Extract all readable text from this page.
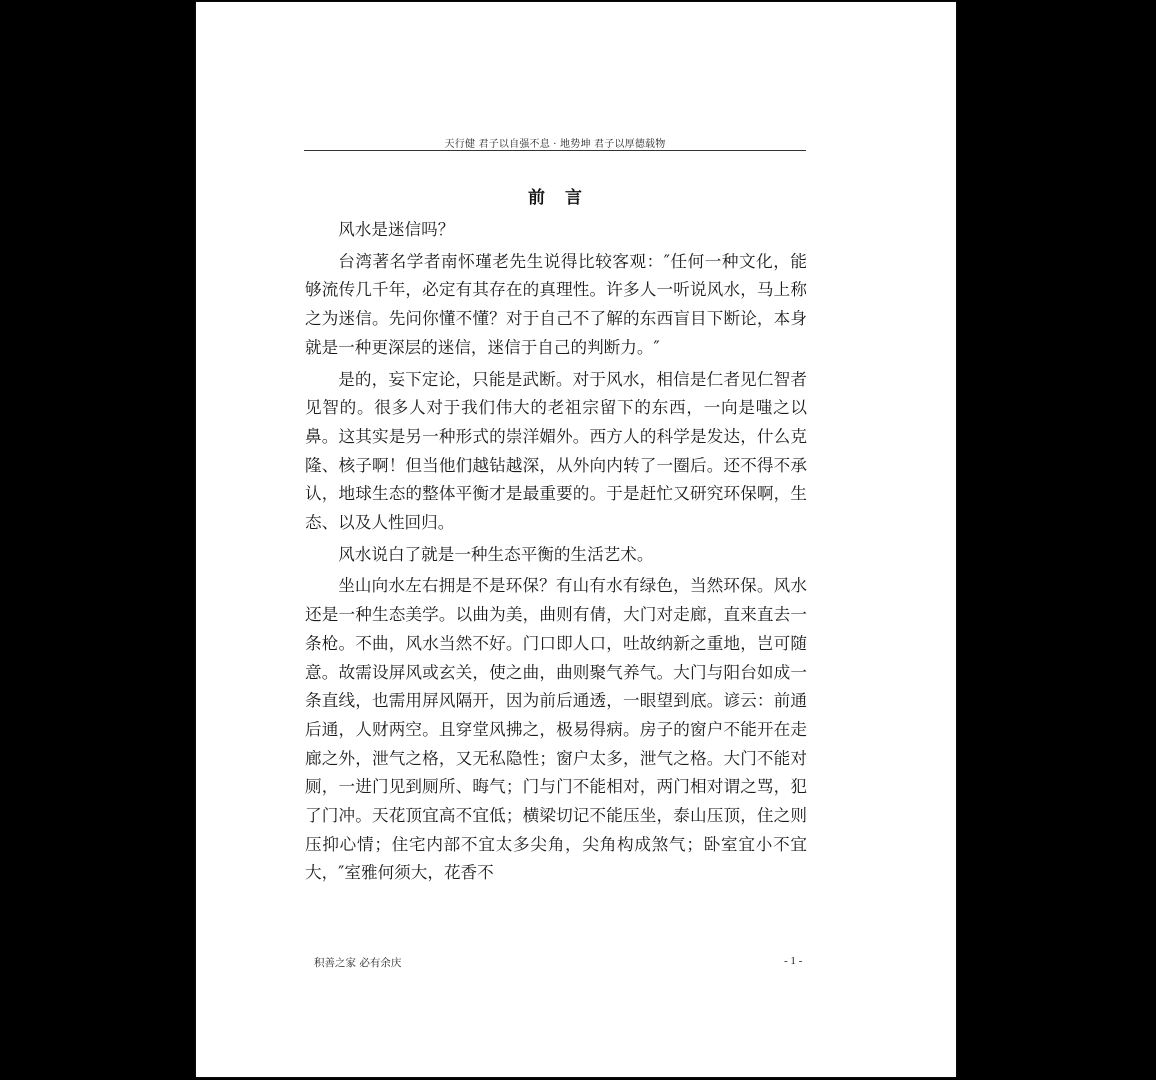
天行健 君子以自强不息 · 地势坤 君子以厚德载物
前 言

风水是迷信吗？

台湾著名学者南怀瑾老先生说得比较客观：″任何一种文化，能够流传几千年，必定有其存在的真理性。许多人一听说风水，马上称之为迷信。先问你懂不懂？对于自己不了解的东西盲目下断论，本身就是一种更深层的迷信，迷信于自己的判断力。″

是的，妄下定论，只能是武断。对于风水，相信是仁者见仁智者见智的。很多人对于我们伟大的老祖宗留下的东西，一向是嗤之以鼻。这其实是另一种形式的崇洋媚外。西方人的科学是发达，什么克隆、核子啊！但当他们越钻越深，从外向内转了一圈后。还不得不承认，地球生态的整体平衡才是最重要的。于是赶忙又研究环保啊，生态、以及人性回归。

风水说白了就是一种生态平衡的生活艺术。

坐山向水左右拥是不是环保？有山有水有绿色，当然环保。风水还是一种生态美学。以曲为美，曲则有倩，大门对走廊，直来直去一条枪。不曲，风水当然不好。门口即人口，吐故纳新之重地，岂可随意。故需设屏风或玄关，使之曲，曲则聚气养气。大门与阳台如成一条直线，也需用屏风隔开，因为前后通透，一眼望到底。谚云：前通后通，人财两空。且穿堂风拂之，极易得病。房子的窗户不能开在走廊之外，泄气之格，又无私隐性；窗户太多，泄气之格。大门不能对厕，一进门见到厕所、晦气；门与门不能相对，两门相对谓之骂，犯了门冲。天花顶宜高不宜低；横梁切记不能压坐，泰山压顶，住之则压抑心情；住宅内部不宜太多尖角，尖角构成煞气；卧室宜小不宜大，″室雅何须大，花香不

积善之家 必有余庆	- 1 -
